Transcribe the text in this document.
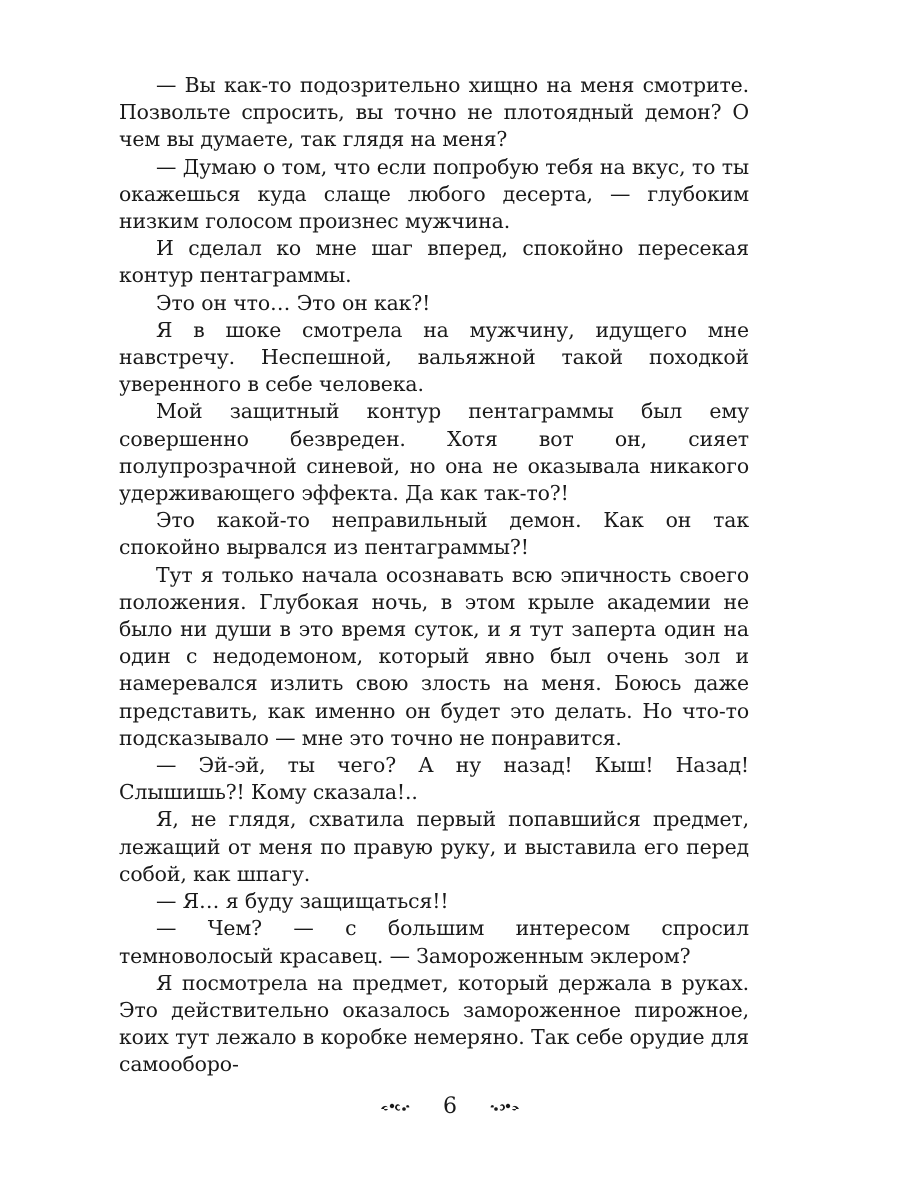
— Вы как-то подозрительно хищно на меня смотрите. Позвольте спросить, вы точно не плотоядный демон? О чем вы думаете, так глядя на меня?

— Думаю о том, что если попробую тебя на вкус, то ты окажешься куда слаще любого десерта, — глубоким низким голосом произнес мужчина.

И сделал ко мне шаг вперед, спокойно пересекая контур пентаграммы.

Это он что… Это он как?!

Я в шоке смотрела на мужчину, идущего мне навстречу. Неспешной, вальяжной такой походкой уверенного в себе человека.

Мой защитный контур пентаграммы был ему совершенно безвреден. Хотя вот он, сияет полупрозрачной синевой, но она не оказывала никакого удерживающего эффекта. Да как так-то?!

Это какой-то неправильный демон. Как он так спокойно вырвался из пентаграммы?!

Тут я только начала осознавать всю эпичность своего положения. Глубокая ночь, в этом крыле академии не было ни души в это время суток, и я тут заперта один на один с недодемоном, который явно был очень зол и намеревался излить свою злость на меня. Боюсь даже представить, как именно он будет это делать. Но что-то подсказывало — мне это точно не понравится.

— Эй-эй, ты чего? А ну назад! Кыш! Назад! Слышишь?! Кому сказала!..

Я, не глядя, схватила первый попавшийся предмет, лежащий от меня по правую руку, и выставила его перед собой, как шпагу.

— Я… я буду защищаться!!

— Чем? — с большим интересом спросил темноволосый красавец. — Замороженным эклером?

Я посмотрела на предмет, который держала в руках. Это действительно оказалось замороженное пирожное, коих тут лежало в коробке немеряно. Так себе орудие для самооборо-

6
